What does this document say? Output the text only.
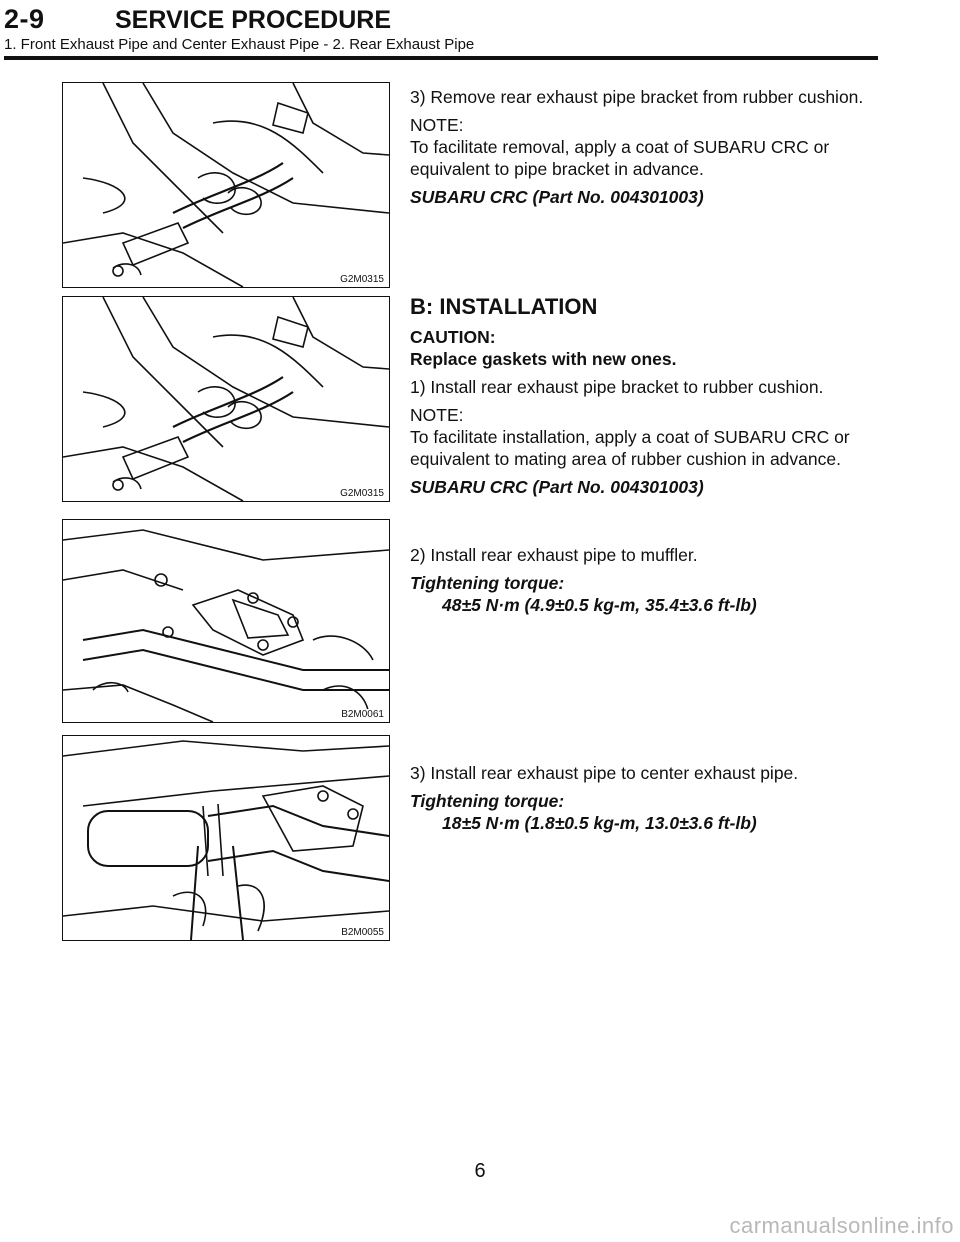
2-9	SERVICE PROCEDURE
1. Front Exhaust Pipe and Center Exhaust Pipe - 2. Rear Exhaust Pipe
G2M0315
G2M0315
B2M0061
B2M0055

3) Remove rear exhaust pipe bracket from rubber cushion.

NOTE:

To facilitate removal, apply a coat of SUBARU CRC or equivalent to pipe bracket in advance.

SUBARU CRC (Part No. 004301003)

B: INSTALLATION

CAUTION:

Replace gaskets with new ones.

1) Install rear exhaust pipe bracket to rubber cushion.

NOTE:

To facilitate installation, apply a coat of SUBARU CRC or equivalent to mating area of rubber cushion in advance.

SUBARU CRC (Part No. 004301003)

2) Install rear exhaust pipe to muffler.

Tightening torque:

48±5 N·m (4.9±0.5 kg-m, 35.4±3.6 ft-lb)

3) Install rear exhaust pipe to center exhaust pipe.

Tightening torque:

18±5 N·m (1.8±0.5 kg-m, 13.0±3.6 ft-lb)

6
carmanualsonline.info
